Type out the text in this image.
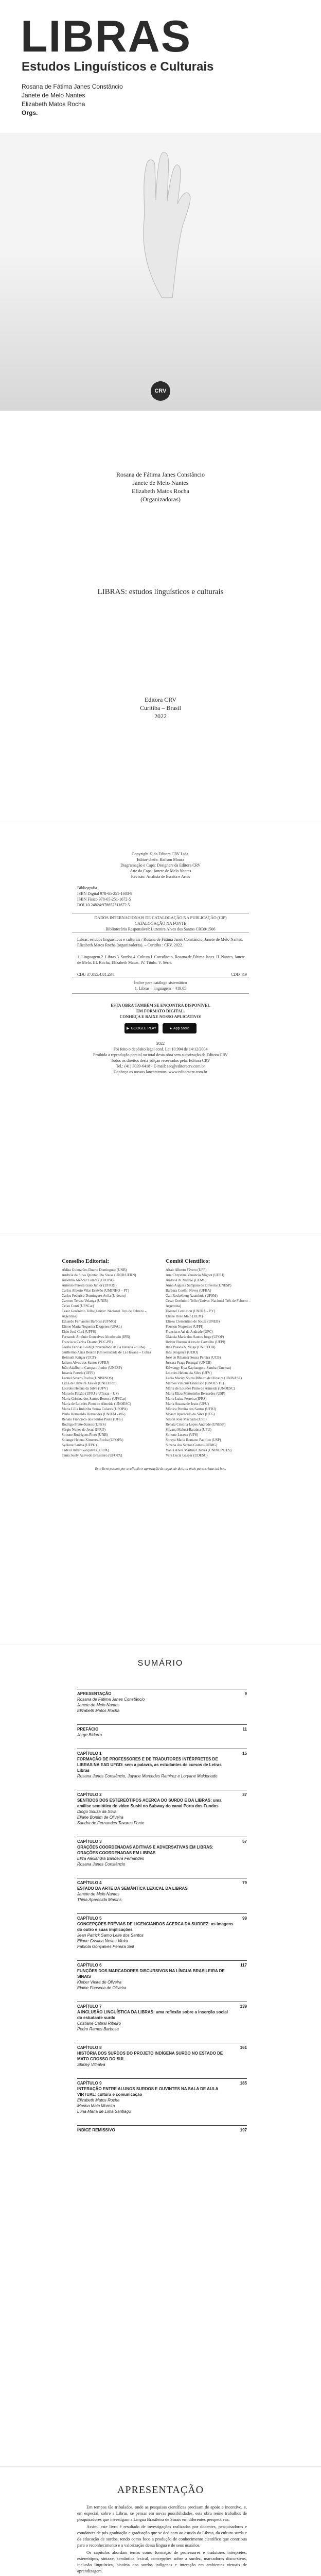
LIBRAS
Estudos Linguísticos e Culturais
Rosana de Fátima Janes Constâncio
Janete de Melo Nantes
Elizabeth Matos Rocha
Orgs.
CRV
Rosana de Fátima Janes Constâncio
Janete de Melo Nantes
Elizabeth Matos Rocha
(Organizadoras)
LIBRAS: estudos linguísticos e culturais
Editora CRV
Curitiba – Brasil
2022
Copyright © da Editora CRV Ltda.
Editor-chefe: Railson Moura
Diagramação e Capa: Designers da Editora CRV
Arte da Capa: Janete de Melo Nantes
Revisão: Analista de Escrita e Artes
Bibliografia
ISBN Digital 978-65-251-1603-9
ISBN Físico 978-65-251-1672-5
DOI 10.24824/978652511672.5
DADOS INTERNACIONAIS DE CATALOGAÇÃO NA PUBLICAÇÃO (CIP)
CATALOGAÇÃO NA FONTE
Bibliotecária Responsável: Luzenira Alves dos Santos CRB9/1506
Libras: estudos linguísticos e culturais / Rosana de Fátima Janes Constâncio, Janete de Melo Nantes, Elizabeth Matos Rocha (organizadoras). – Curitiba : CRV, 2022.
1. Linguagem 2. Libras 3. Surdos 4. Cultura I. Constâncio, Rosana de Fátima Janes. II. Nantes, Janete de Melo. III. Rocha, Elizabeth Matos. IV. Título. V. Série.
CDU 37.015.4:81.234	CDD 419
Índice para catálogo sistemático
1. Libras – linguagem – 419.05
ESTA OBRA TAMBÉM SE ENCONTRA DISPONÍVEL
EM FORMATO DIGITAL.
CONHEÇA E BAIXE NOSSO APLICATIVO!
▶ GOOGLE PLAY	● App Store
2022
Foi feito o depósito legal conf. Lei 10.994 de 14/12/2004
Proibida a reprodução parcial ou total desta obra sem autorização da Editora CRV
Todos os direitos desta edição reservados pela: Editora CRV
Tel.: (41) 3039-6418 - E-mail: sac@editoracrv.com.br
Conheça os nossos lançamentos: www.editoracrv.com.br
Conselho Editorial:
Aldira Guimarães Duarte Domínguez (UNB)
Andréia da Silva Quintanilha Sousa (UNIR/UFRN)
Anselmo Alencar Colares (UFOPA)
Antônio Pereira Gaio Júnior (UFRRJ)
Carlos Alberto Vilar Estêvão (UMINHO – PT)
Carlos Federico Dominguez Avila (Unieuro)
Carmen Tereza Velanga (UNIR)
Celso Conti (UFSCar)
Cesar Gerónimo Tello (Univer. Nacional Tres de Febrero – Argentina)
Eduardo Fernandes Barbosa (UFMG)
Elione Maria Nogueira Diogenes (UFAL)
Élsio José Corá (UFFS)
Fernando Antônio Gonçalves Alcoforado (IPB)
Francisco Carlos Duarte (PUC-PR)
Gloria Fariñas León (Universidade de La Havana – Cuba)
Guillermo Arias Beatón (Universidade de La Havana – Cuba)
Helmuth Krüger (UCP)
Jailson Alves dos Santos (UFRJ)
João Adalberto Campato Junior (UNESP)
Josania Portela (UFPI)
Leonel Severo Rocha (UNISINOS)
Lídia de Oliveira Xavier (UNIEURO)
Lourdes Helena da Silva (UFV)
Marcelo Paixão (UFRJ e UTexas – US)
Maria Cristina dos Santos Bezerra (UFSCar)
Maria de Lourdes Pinto de Almeida (UNOESC)
Maria Lília Imbiriba Sousa Colares (UFOPA)
Paulo Romualdo Hernandes (UNIFAL-MG)
Renato Francisco dos Santos Paula (UFG)
Rodrigo Pratte-Santos (UFES)
Sérgio Nunes de Jesus (IFRO)
Simone Rodrigues Pinto (UNB)
Solange Helena Ximenes-Rocha (UFOPA)
Sydione Santos (UEPG)
Tadeu Oliver Gonçalves (UFPA)
Tania Suely Azevedo Brasileiro (UFOPA)
Comitê Científico:
Altair Alberto Fávero (UPF)
Ana Chrystina Venancio Mignot (UERJ)
Andréia N. Militão (UEMS)
Anna Augusta Sampaio de Oliveira (UNESP)
Barbara Coelho Neves (UFBA)
Cati Reckelberg Azambuja (UFSM)
Cesar Gerónimo Tello (Univer. Nacional Três de Febrero – Argentina)
Diosnel Centurion (UNIDA – PY)
Eliane Rose Maio (UEM)
Elizeu Clementino de Souza (UNEB)
Fauston Negreiros (UFPI)
Francisco Ari de Andrade (UFC)
Gláucia Maria dos Santos Jorge (UFOP)
Helder Buenos Aires de Carvalho (UFPI)
Ilma Passos A. Veiga (UNICEUB)
Inês Bragança (UERJ)
José de Ribamar Sousa Pereira (UCB)
Jussara Fraga Portugal (UNEB)
Kilwangy Kya Kapitango-a-Samba (Unemat)
Lourdes Helena da Silva (UFV)
Lucia Marisy Souza Ribeiro de Oliveira (UNIVASF)
Marcos Vinicius Francisco (UNOESTE)
Maria de Lourdes Pinto de Almeida (UNOESC)
Maria Eliza Mattosinho Bernardes (USP)
Maria Luiza Ferreira (IFRS)
Maria Suzana de Jesus (UFU)
Mônica Pereira dos Santos (UFRJ)
Mosart Aparecido da Silva (UFG)
Nilson José Machado (USP)
Renata Cristina Lopes Andrade (UNESP)
Silvana Malusá Baraúna (UFU)
Simone Lucena (UFS)
Soraya Maria Romano Pacífico (USP)
Suzana dos Santos Gomes (UFMG)
Vânia Alves Martins Chaves (UNIMONTES)
Vera Lucia Gaspar (UDESC)
Este livro passou por avaliação e aprovação às cegas de dois ou mais pareceristas ad hoc.
SUMÁRIO
APRESENTAÇÃO
Rosana de Fátima Janes Constâncio
Janete de Melo Nantes
Elizabeth Matos Rocha
9
PREFÁCIO
Jorge Bidarra
11
CAPÍTULO 1
FORMAÇÃO DE PROFESSORES E DE TRADUTORES INTÉRPRETES DE LIBRAS NA EAD UFGD: sem a palavra, as estudantes de cursos de Letras Libras
Rosana Janes Constâncio, Jayane Mercedes Ramirez e Loryane Maldonado
15
CAPÍTULO 2
SENTIDOS DOS ESTEREÓTIPOS ACERCA DO SURDO E DA LIBRAS: uma análise semiótica do vídeo Sushi no Subway do canal Porta dos Fundos
Diogo Souza da Silva
Eliane Bonfim de Oliveira
Sandra de Fernandes Tavares Fonte
37
CAPÍTULO 3
ORAÇÕES COORDENADAS ADITIVAS E ADVERSATIVAS EM LIBRAS: ORAÇÕES COORDENADAS EM LIBRAS
Eliza Alexandra Bandeira Fernandes
Rosana Janes Constâncio
57
CAPÍTULO 4
ESTADO DA ARTE DA SEMÂNTICA LEXICAL DA LIBRAS
Janete de Melo Nantes
Thina Aparecida Martins
79
CAPÍTULO 5
CONCEPÇÕES PRÉVIAS DE LICENCIANDOS ACERCA DA SURDEZ: as imagens do outro e suas implicações
Jean Patrick Samo Leite dos Santos
Eliane Cristina Neves Vieira
Fabíola Gonçalves Pereira Sell
99
CAPÍTULO 6
FUNÇÕES DOS MARCADORES DISCURSIVOS NA LÍNGUA BRASILEIRA DE SINAIS
Kleber Vieira de Oliveira
Elaine Fonseca de Oliveira
117
CAPÍTULO 7
A INCLUSÃO LINGUÍSTICA DA LIBRAS: uma reflexão sobre a inserção social do estudante surdo
Cristiane Cabral Ribeiro
Pedro Ramos Barbosa
139
CAPÍTULO 8
HISTÓRIA DOS SURDOS DO PROJETO INDÍGENA SURDO NO ESTADO DE MATO GROSSO DO SUL
Shirley Vilhalva
161
CAPÍTULO 9
INTERAÇÃO ENTRE ALUNOS SURDOS E OUVINTES NA SALA DE AULA VIRTUAL: cultura e comunicação
Elizabeth Matos Rocha
Marina Maia Moreira
Luna Maria de Lima Santiago
185
ÍNDICE REMISSIVO	197
APRESENTAÇÃO

Em tempos tão tribulados, onde as pesquisas científicas precisam de apoio e incentivo, e, em especial, sobre a Libras, se pensar em novas possibilidades, esta obra reúne trabalhos de pesquisadores que investigam a Língua Brasileira de Sinais em diferentes perspectivas.

Assim, este livro é resultado de investigações realizadas por docentes, pesquisadores e estudantes de pós-graduação e graduação que se dedicam ao estudo da Libras, da cultura surda e da educação de surdos, tendo como foco a produção de conhecimento científico que contribua para o reconhecimento e a valorização dessa língua e de seus usuários.

Os capítulos abordam temas como formação de professores e tradutores intérpretes, estereótipos, sintaxe, semântica lexical, concepções sobre a surdez, marcadores discursivos, inclusão linguística, história dos surdos indígenas e interação em ambientes virtuais de aprendizagem.
